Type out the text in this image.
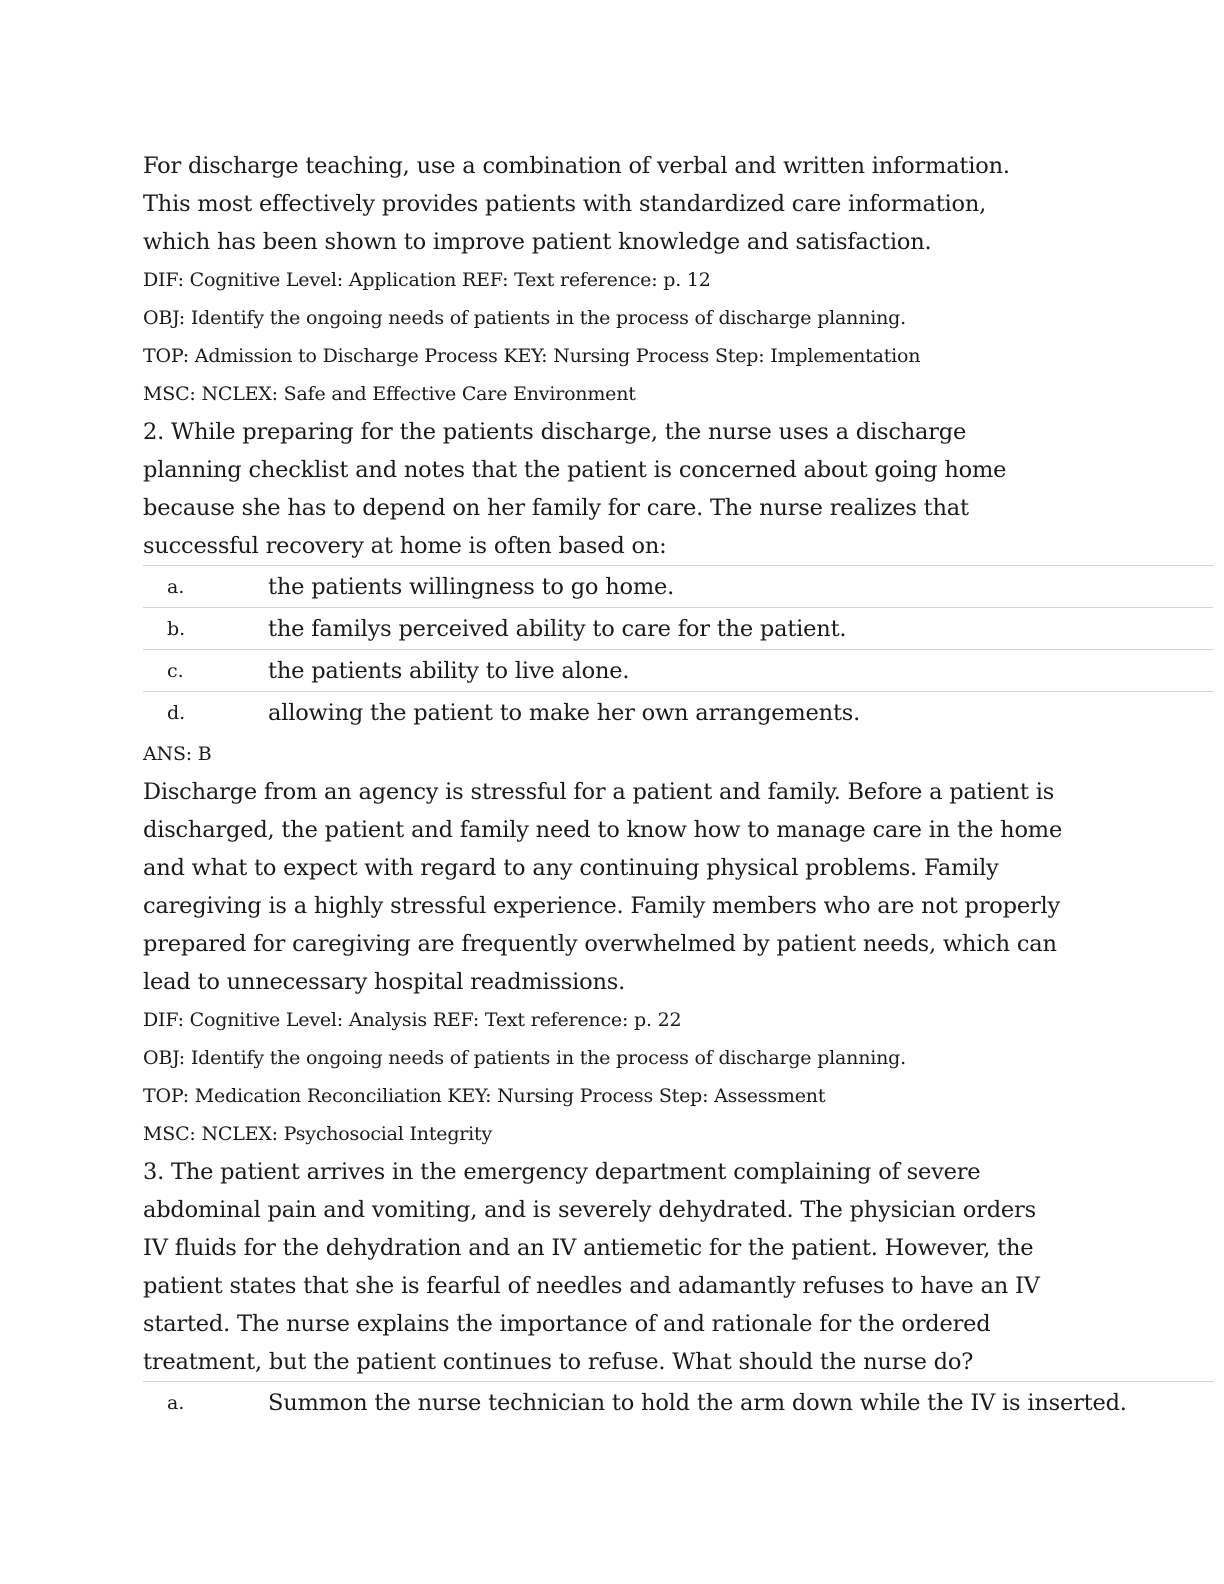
For discharge teaching, use a combination of verbal and written information. This most effectively provides patients with standardized care information, which has been shown to improve patient knowledge and satisfaction.

DIF: Cognitive Level: Application REF: Text reference: p. 12

OBJ: Identify the ongoing needs of patients in the process of discharge planning.

TOP: Admission to Discharge Process KEY: Nursing Process Step: Implementation

MSC: NCLEX: Safe and Effective Care Environment

2. While preparing for the patients discharge, the nurse uses a discharge planning checklist and notes that the patient is concerned about going home because she has to depend on her family for care. The nurse realizes that successful recovery at home is often based on:

a.	the patients willingness to go home.
b.	the familys perceived ability to care for the patient.
c.	the patients ability to live alone.
d.	allowing the patient to make her own arrangements.

ANS: B

Discharge from an agency is stressful for a patient and family. Before a patient is discharged, the patient and family need to know how to manage care in the home and what to expect with regard to any continuing physical problems. Family caregiving is a highly stressful experience. Family members who are not properly prepared for caregiving are frequently overwhelmed by patient needs, which can lead to unnecessary hospital readmissions.

DIF: Cognitive Level: Analysis REF: Text reference: p. 22

OBJ: Identify the ongoing needs of patients in the process of discharge planning.

TOP: Medication Reconciliation KEY: Nursing Process Step: Assessment

MSC: NCLEX: Psychosocial Integrity

3. The patient arrives in the emergency department complaining of severe abdominal pain and vomiting, and is severely dehydrated. The physician orders IV fluids for the dehydration and an IV antiemetic for the patient. However, the patient states that she is fearful of needles and adamantly refuses to have an IV started. The nurse explains the importance of and rationale for the ordered treatment, but the patient continues to refuse. What should the nurse do?

a.	Summon the nurse technician to hold the arm down while the IV is inserted.
